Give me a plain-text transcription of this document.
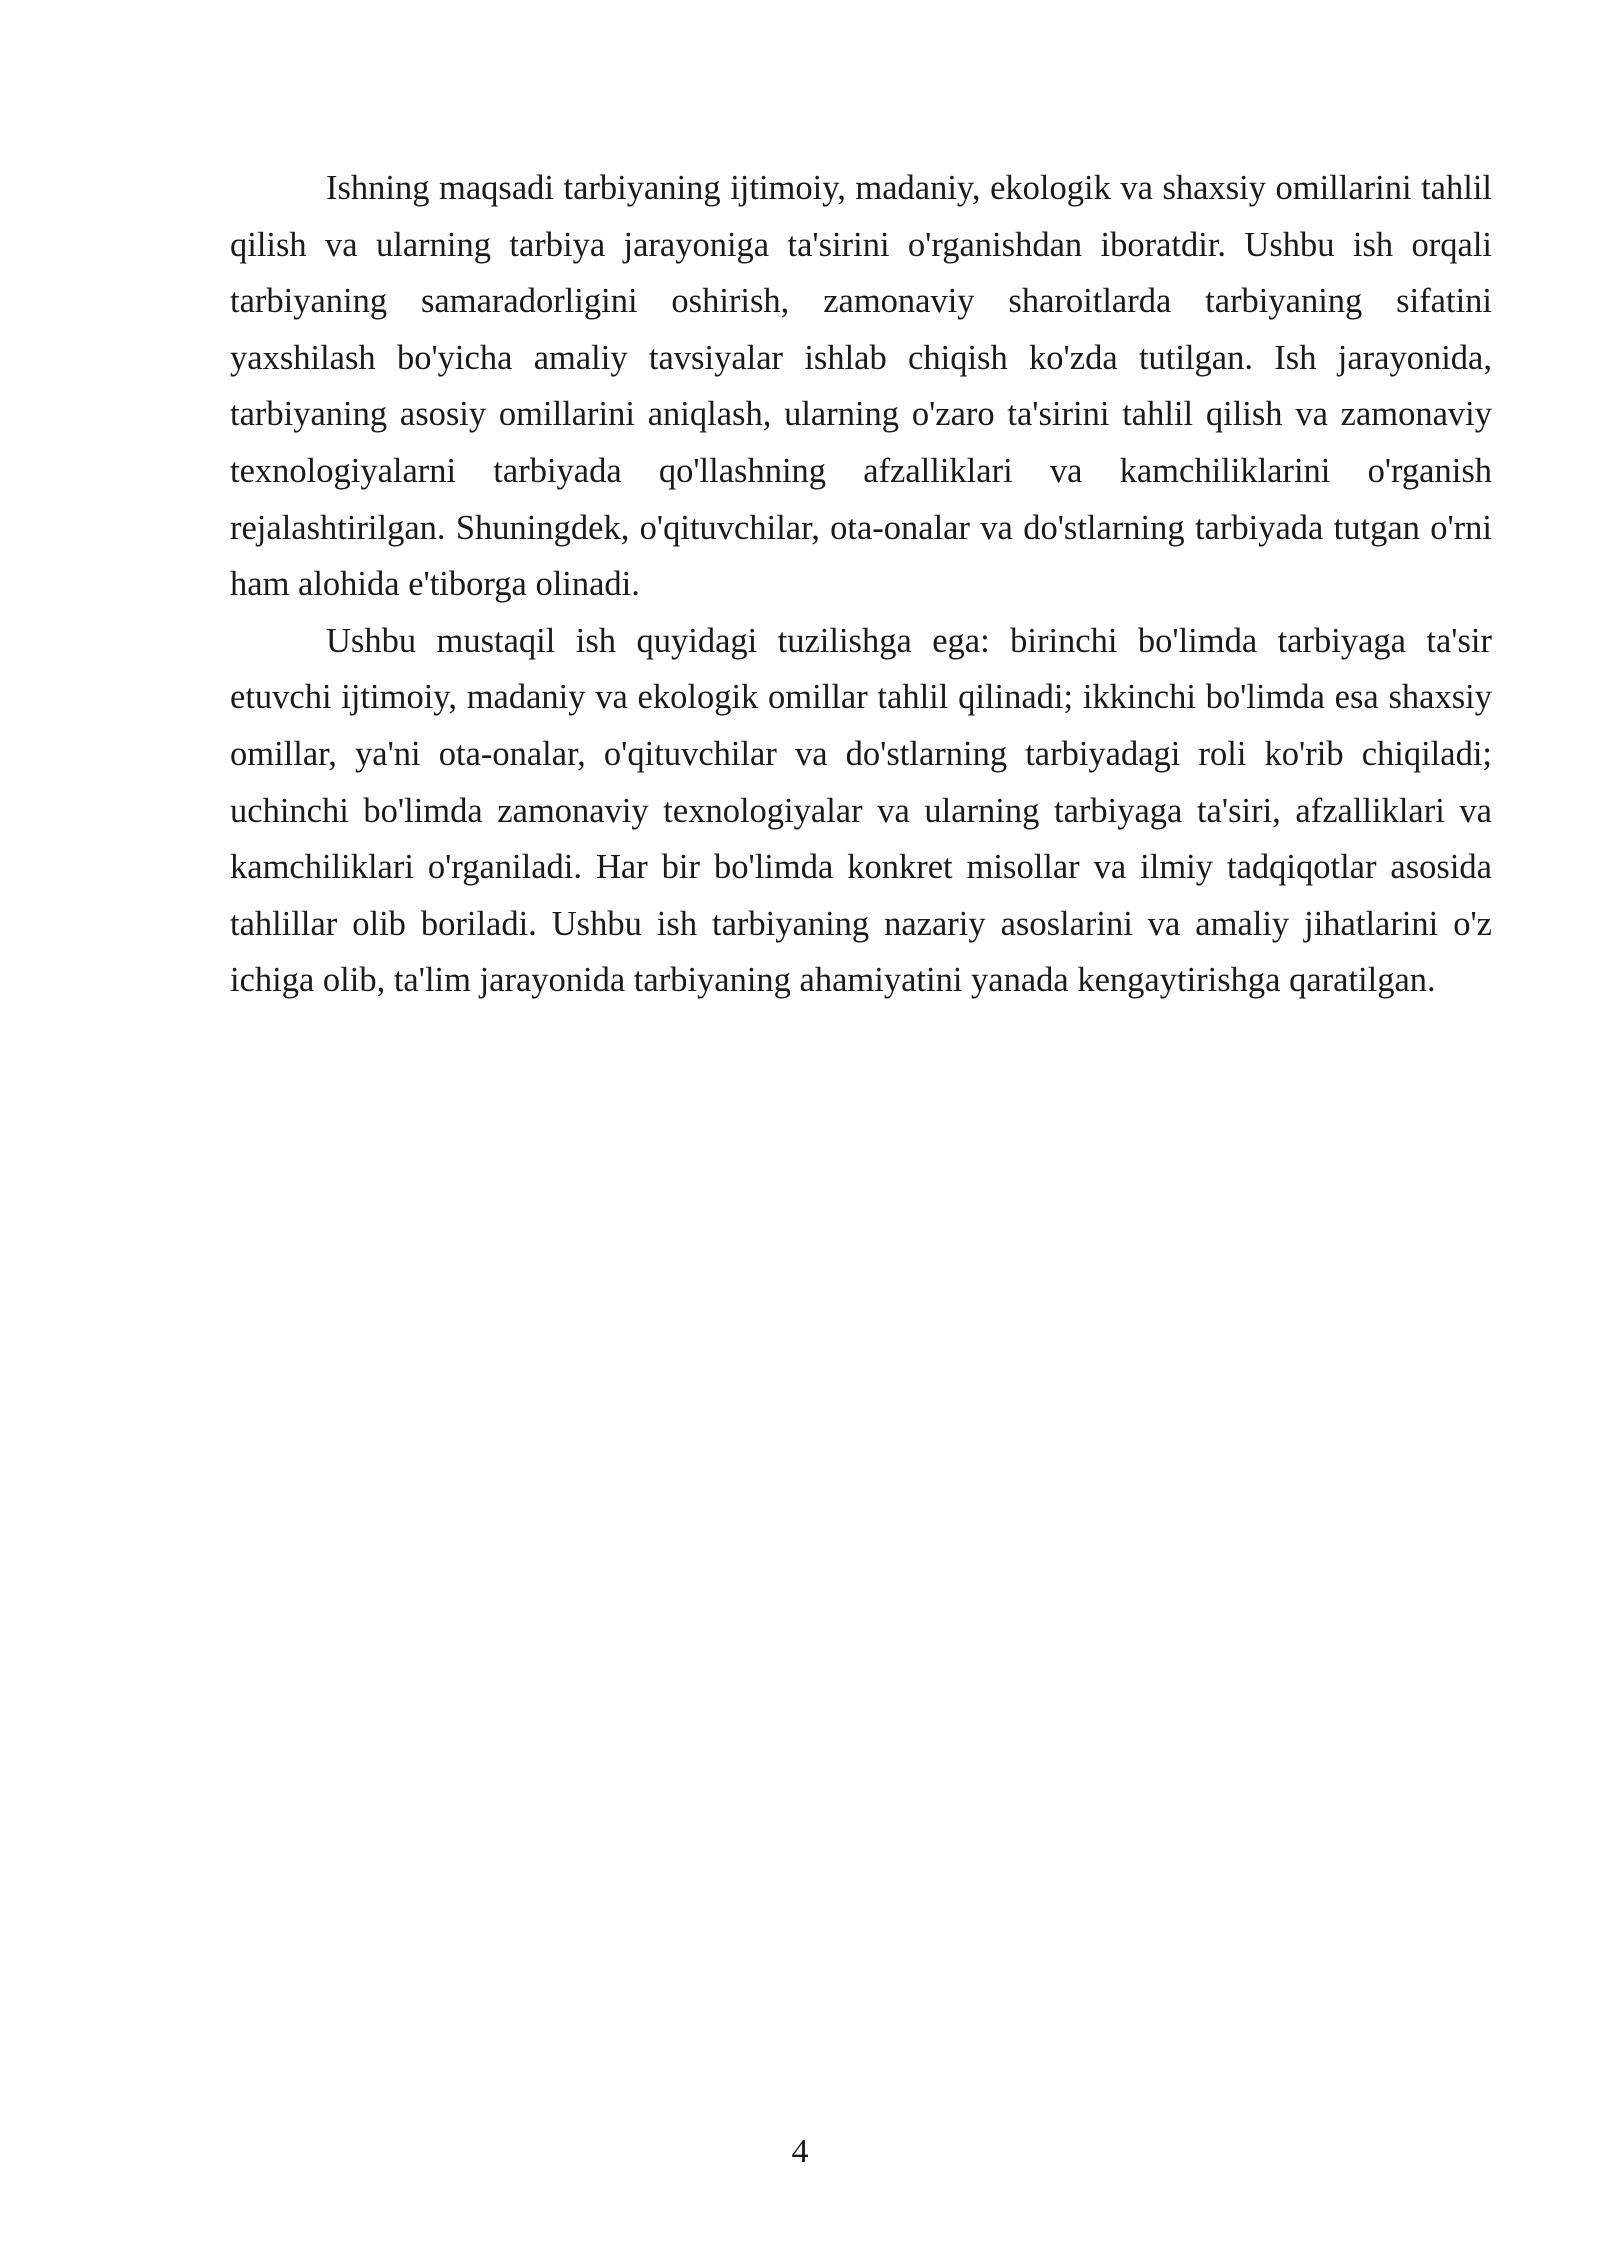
Ishning maqsadi tarbiyaning ijtimoiy, madaniy, ekologik va shaxsiy omillarini tahlil qilish va ularning tarbiya jarayoniga ta'sirini o'rganishdan iboratdir. Ushbu ish orqali tarbiyaning samaradorligini oshirish, zamonaviy sharoitlarda tarbiyaning sifatini yaxshilash bo'yicha amaliy tavsiyalar ishlab chiqish ko'zda tutilgan. Ish jarayonida, tarbiyaning asosiy omillarini aniqlash, ularning o'zaro ta'sirini tahlil qilish va zamonaviy texnologiyalarni tarbiyada qo'llashning afzalliklari va kamchiliklarini o'rganish rejalashtirilgan. Shuningdek, o'qituvchilar, ota-onalar va do'stlarning tarbiyada tutgan o'rni ham alohida e'tiborga olinadi.

Ushbu mustaqil ish quyidagi tuzilishga ega: birinchi bo'limda tarbiyaga ta'sir etuvchi ijtimoiy, madaniy va ekologik omillar tahlil qilinadi; ikkinchi bo'limda esa shaxsiy omillar, ya'ni ota-onalar, o'qituvchilar va do'stlarning tarbiyadagi roli ko'rib chiqiladi; uchinchi bo'limda zamonaviy texnologiyalar va ularning tarbiyaga ta'siri, afzalliklari va kamchiliklari o'rganiladi. Har bir bo'limda konkret misollar va ilmiy tadqiqotlar asosida tahlillar olib boriladi. Ushbu ish tarbiyaning nazariy asoslarini va amaliy jihatlarini o'z ichiga olib, ta'lim jarayonida tarbiyaning ahamiyatini yanada kengaytirishga qaratilgan.

4
